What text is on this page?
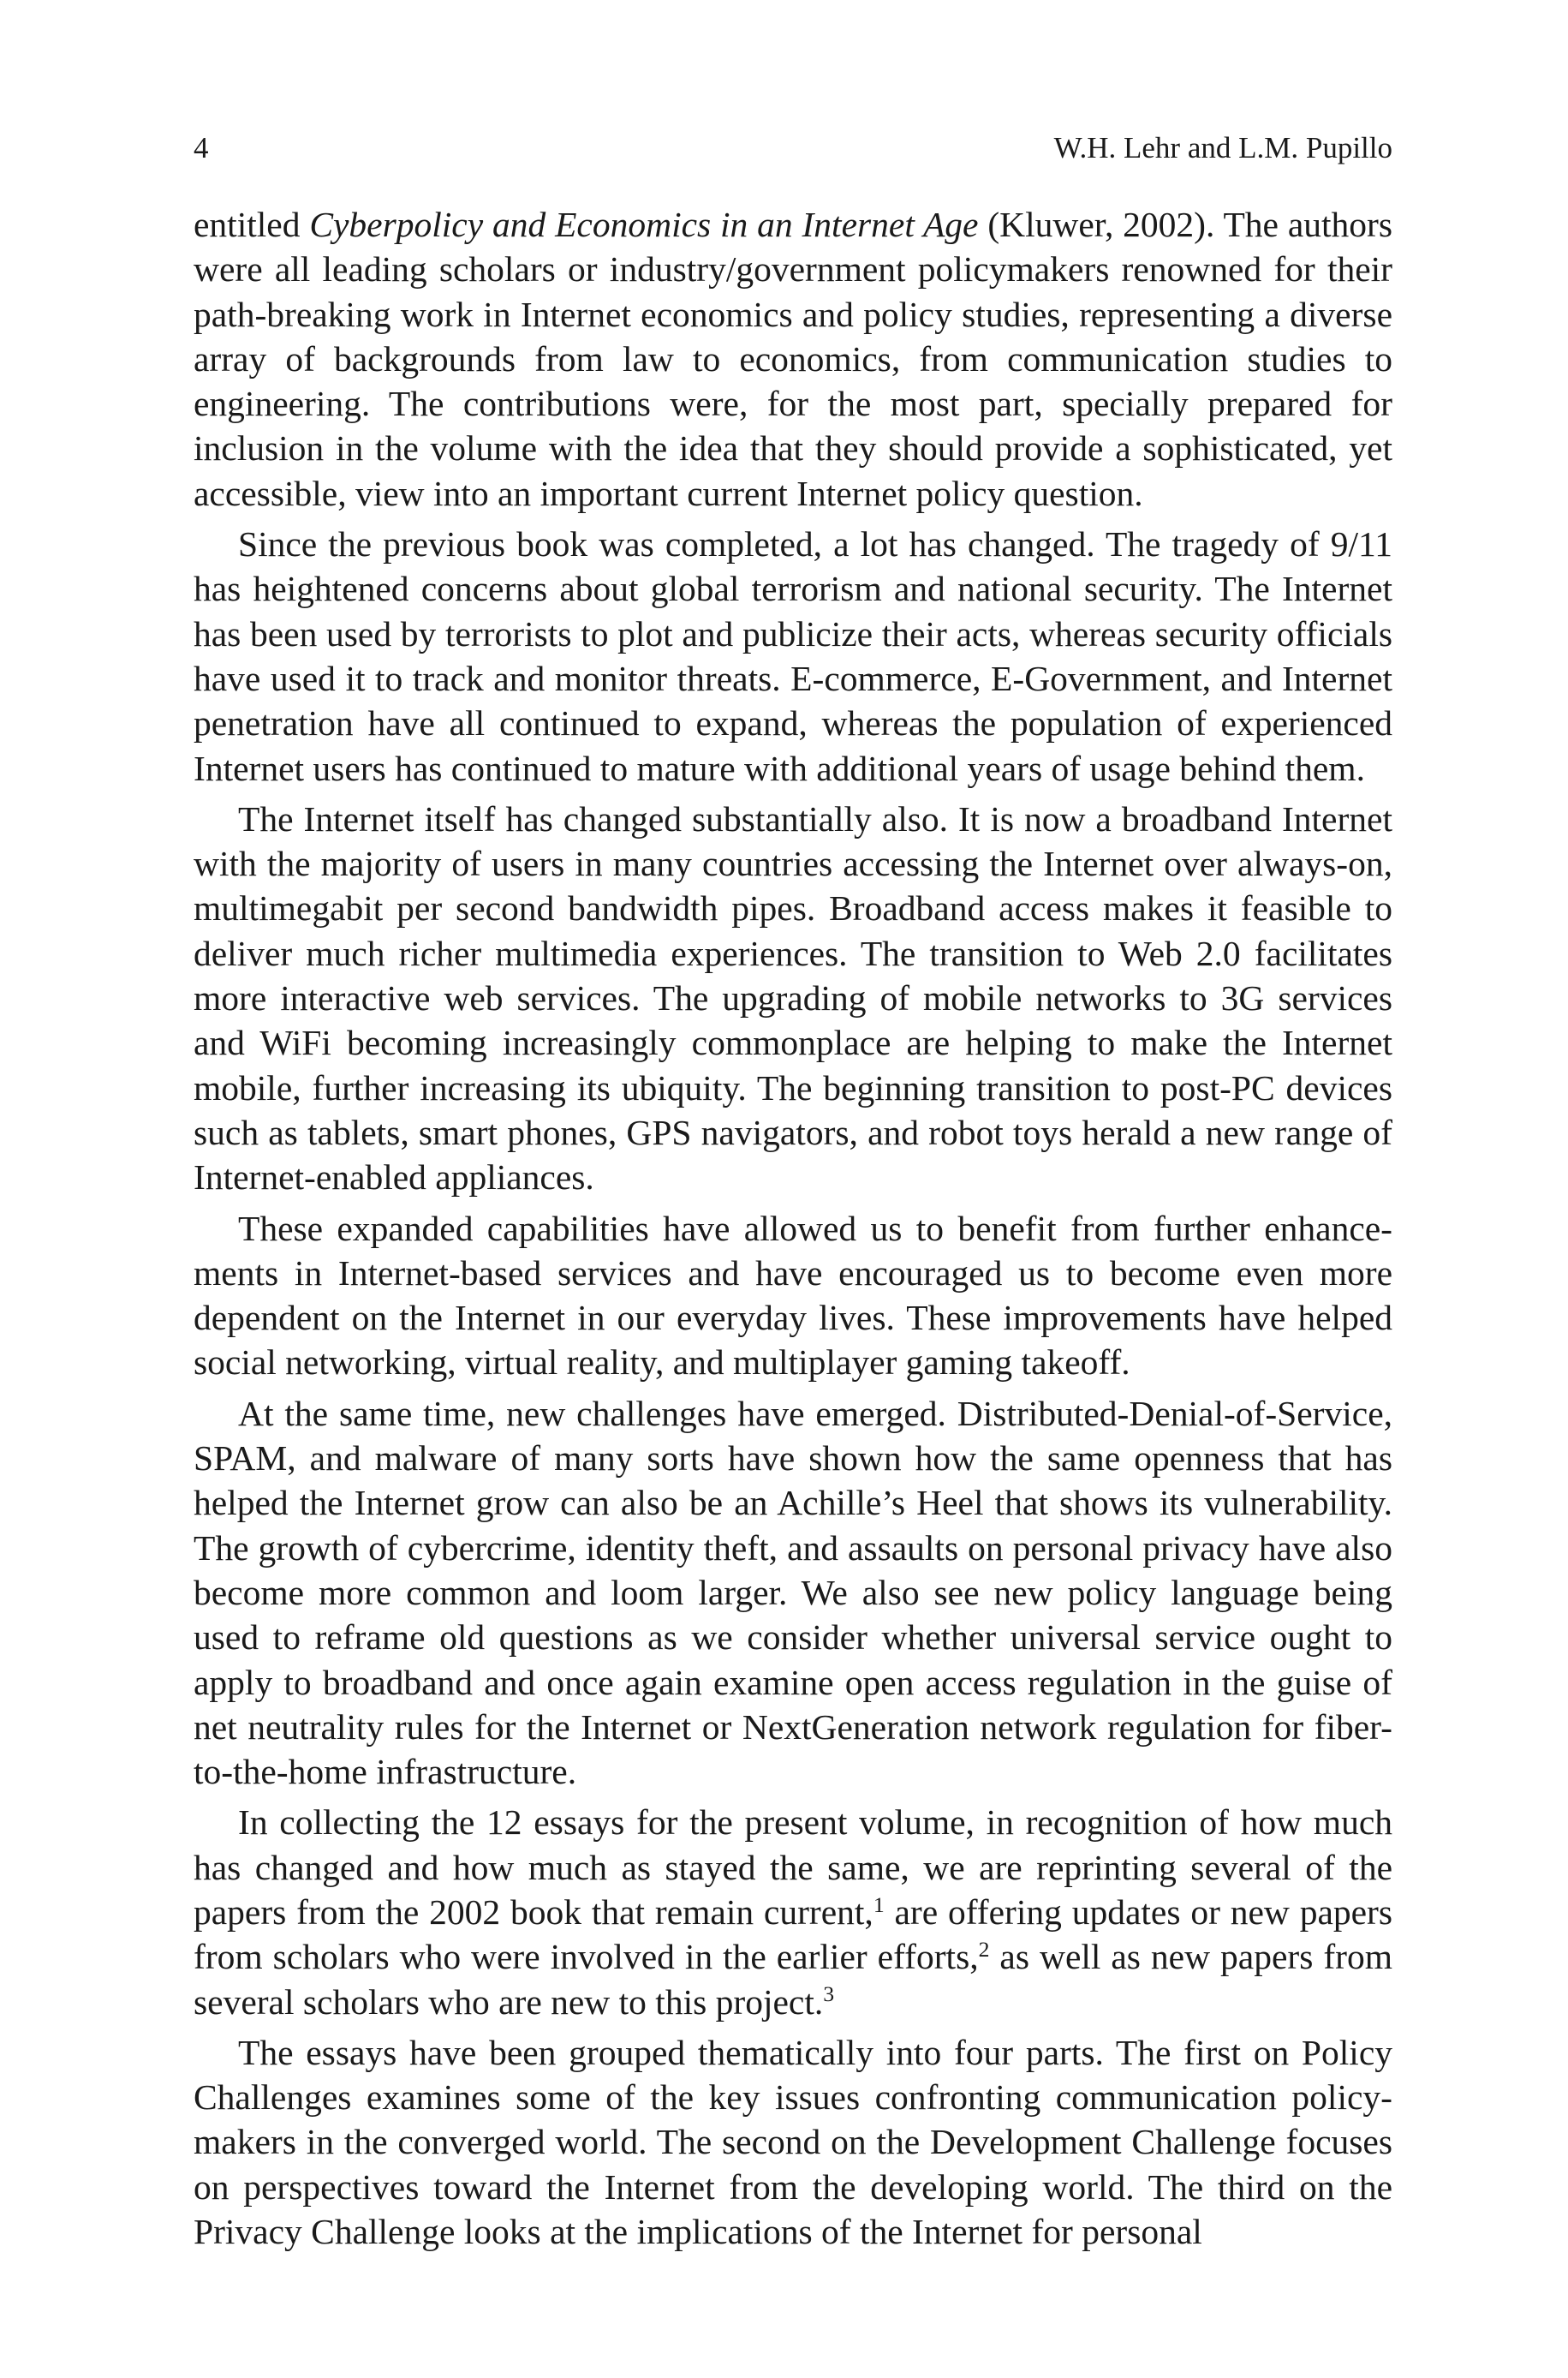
4	W.H. Lehr and L.M. Pupillo

entitled Cyberpolicy and Economics in an Internet Age (Kluwer, 2002). The authors were all leading scholars or industry/government policymakers renowned for their path-breaking work in Internet economics and policy studies, representing a diverse array of backgrounds from law to economics, from communication studies to engineering. The contributions were, for the most part, specially prepared for inclusion in the volume with the idea that they should provide a sophisticated, yet accessible, view into an important current Internet policy question.

Since the previous book was completed, a lot has changed. The tragedy of 9/11 has heightened concerns about global terrorism and national security. The Internet has been used by terrorists to plot and publicize their acts, whereas security officials have used it to track and monitor threats. E-commerce, E-Government, and Internet penetration have all continued to expand, whereas the population of experienced Internet users has continued to mature with additional years of usage behind them.

The Internet itself has changed substantially also. It is now a broadband Internet with the majority of users in many countries accessing the Internet over always-on, multimegabit per second bandwidth pipes. Broadband access makes it feasible to deliver much richer multimedia experiences. The transition to Web 2.0 facilitates more interactive web services. The upgrading of mobile networks to 3G services and WiFi becoming increasingly commonplace are helping to make the Internet mobile, further increasing its ubiquity. The beginning transition to post-PC devices such as tablets, smart phones, GPS navigators, and robot toys herald a new range of Internet-enabled appliances.

These expanded capabilities have allowed us to benefit from further enhancements in Internet-based services and have encouraged us to become even more dependent on the Internet in our everyday lives. These improvements have helped social networking, virtual reality, and multiplayer gaming takeoff.

At the same time, new challenges have emerged. Distributed-Denial-of-Service, SPAM, and malware of many sorts have shown how the same openness that has helped the Internet grow can also be an Achille’s Heel that shows its vulnerability. The growth of cybercrime, identity theft, and assaults on personal privacy have also become more common and loom larger. We also see new policy language being used to reframe old questions as we consider whether universal service ought to apply to broadband and once again examine open access regulation in the guise of net neutrality rules for the Internet or NextGeneration network regulation for fiber-to-the-home infrastructure.

In collecting the 12 essays for the present volume, in recognition of how much has changed and how much as stayed the same, we are reprinting several of the papers from the 2002 book that remain current,$^1$ are offering updates or new papers from scholars who were involved in the earlier efforts,$^2$ as well as new papers from several scholars who are new to this project.$^3$

The essays have been grouped thematically into four parts. The first on Policy Challenges examines some of the key issues confronting communication policymakers in the converged world. The second on the Development Challenge focuses on perspectives toward the Internet from the developing world. The third on the Privacy Challenge looks at the implications of the Internet for personal
